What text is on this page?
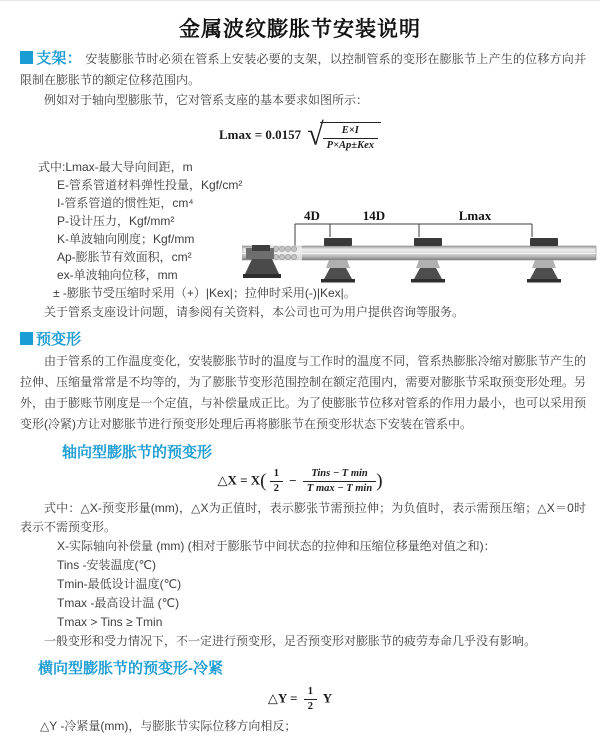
金属波纹膨胀节安装说明

支架： 安装膨胀节时必须在管系上安装必要的支架，以控制管系的变形在膨胀节上产生的位移方向并限制在膨胀节的额定位移范围内。

例如对于轴向型膨胀节，它对管系支座的基本要求如图所示：

Lmax = 0.0157 √ $\frac{E\times I}{\text{P×Ap±Kex}}$
式中:Lmax-最大导向间距，m
E-管系管道材料弹性投量，Kgf/cm²
I-管系管道的惯性矩，cm⁴
P-设计压力，Kgf/mm²
K-单波轴向刚度；Kgf/mm
Ap-膨胀节有效面积，cm²
ex-单波轴向位移，mm
± -膨胀节受压缩时采用（+）|Kex|；拉伸时采用(-)|Kex|。

关于管系支座设计问题，请参阅有关资料，本公司也可为用户提供咨询等服务。

4D	14D	Lmax

预变形

由于管系的工作温度变化，安装膨胀节时的温度与工作时的温度不同，管系热膨胀冷缩对膨胀节产生的拉伸、压缩量常常是不均等的，为了膨胀节变形范围控制在额定范围内，需要对膨胀节采取预变形处理。另外，由于膨账节刚度是一个定值，与补偿量成正比。为了使膨胀节位移对管系的作用力最小，也可以采用预变形(冷紧)方让对膨胀节进行预变形处理后再将膨胀节在预变形状态下安装在管系中。

轴向型膨胀节的预变形
△X = $X( \frac{1}{2} - \frac{\text{Tins − T min}}{\text{T max − T min}}$ )

式中：△X-预变形量(mm)，△X为正值时，表示膨张节需预拉伸；为负值时，表示需预压缩；△X＝0时表示不需预变形。

X-实际轴向补偿量 (mm) (相对于膨胀节中间状态的拉伸和压缩位移量绝对值之和)：

Tins -安装温度(℃)

Tmin-最低设计温度(℃)

Tmax -最高设计温 (℃)

Tmax > Tins ≥ Tmin

一般变形和受力情况下，不一定进行预变形，足否预变形对膨胀节的疲劳寿命几乎没有影响。

横向型膨胀节的预变形-冷紧
△Y = $\frac{1}{2}$ Y

△Y -冷紧量(mm)，与膨胀节实际位移方向相反；
